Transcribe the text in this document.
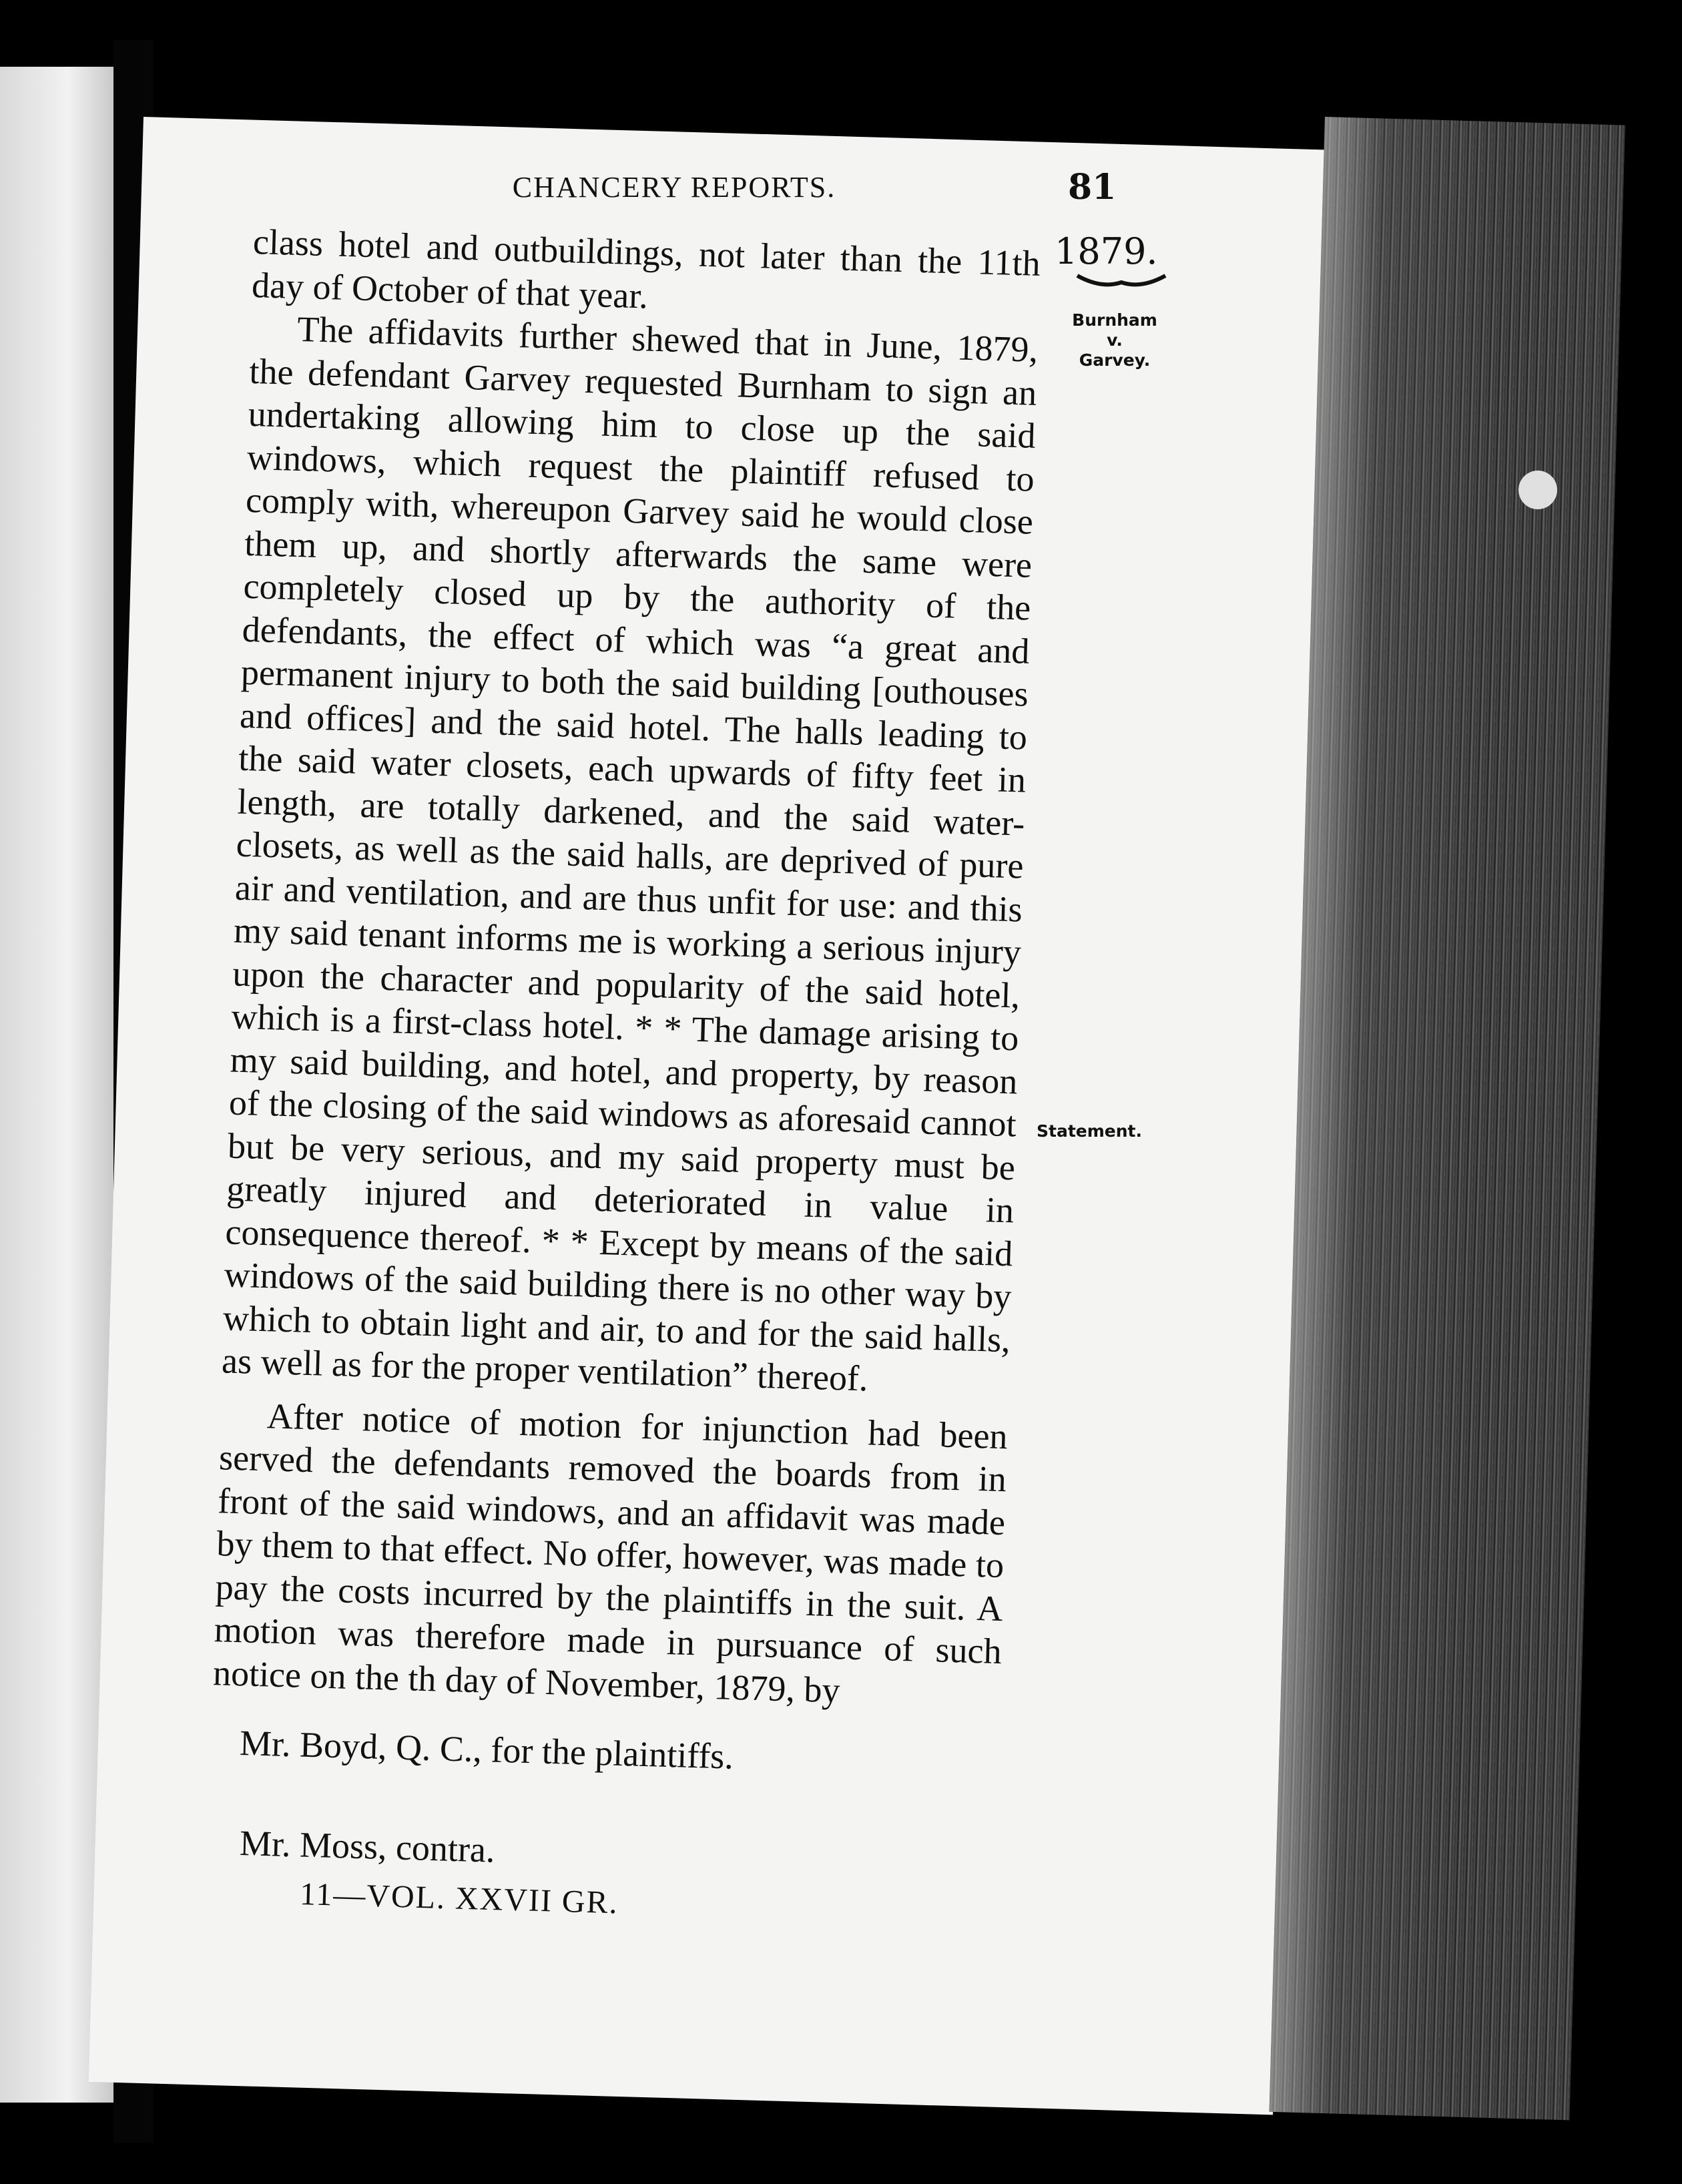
CHANCERY REPORTS.	81
1879.
Burnham
v.
Garvey.
Statement.

class hotel and outbuildings, not later than the 11th day of October of that year.

The affidavits further shewed that in June, 1879, the defendant Garvey requested Burnham to sign an undertaking allowing him to close up the said windows, which request the plaintiff refused to comply with, whereupon Garvey said he would close them up, and shortly afterwards the same were completely closed up by the authority of the defendants, the effect of which was “a great and permanent injury to both the said building [outhouses and offices] and the said hotel. The halls leading to the said water closets, each upwards of fifty feet in length, are totally darkened, and the said water-closets, as well as the said halls, are deprived of pure air and ventilation, and are thus unfit for use: and this my said tenant informs me is working a serious injury upon the character and popularity of the said hotel, which is a first-class hotel. * * The damage arising to my said building, and hotel, and property, by reason of the closing of the said windows as aforesaid cannot but be very serious, and my said property must be greatly injured and deteriorated in value in consequence thereof. * * Except by means of the said windows of the said building there is no other way by which to obtain light and air, to and for the said halls, as well as for the proper ventilation” thereof.

After notice of motion for injunction had been served the defendants removed the boards from in front of the said windows, and an affidavit was made by them to that effect. No offer, however, was made to pay the costs incurred by the plaintiffs in the suit. A motion was therefore made in pursuance of such notice on the th day of November, 1879, by

Mr. Boyd, Q. C., for the plaintiffs.
Mr. Moss, contra.
11—VOL. XXVII GR.
